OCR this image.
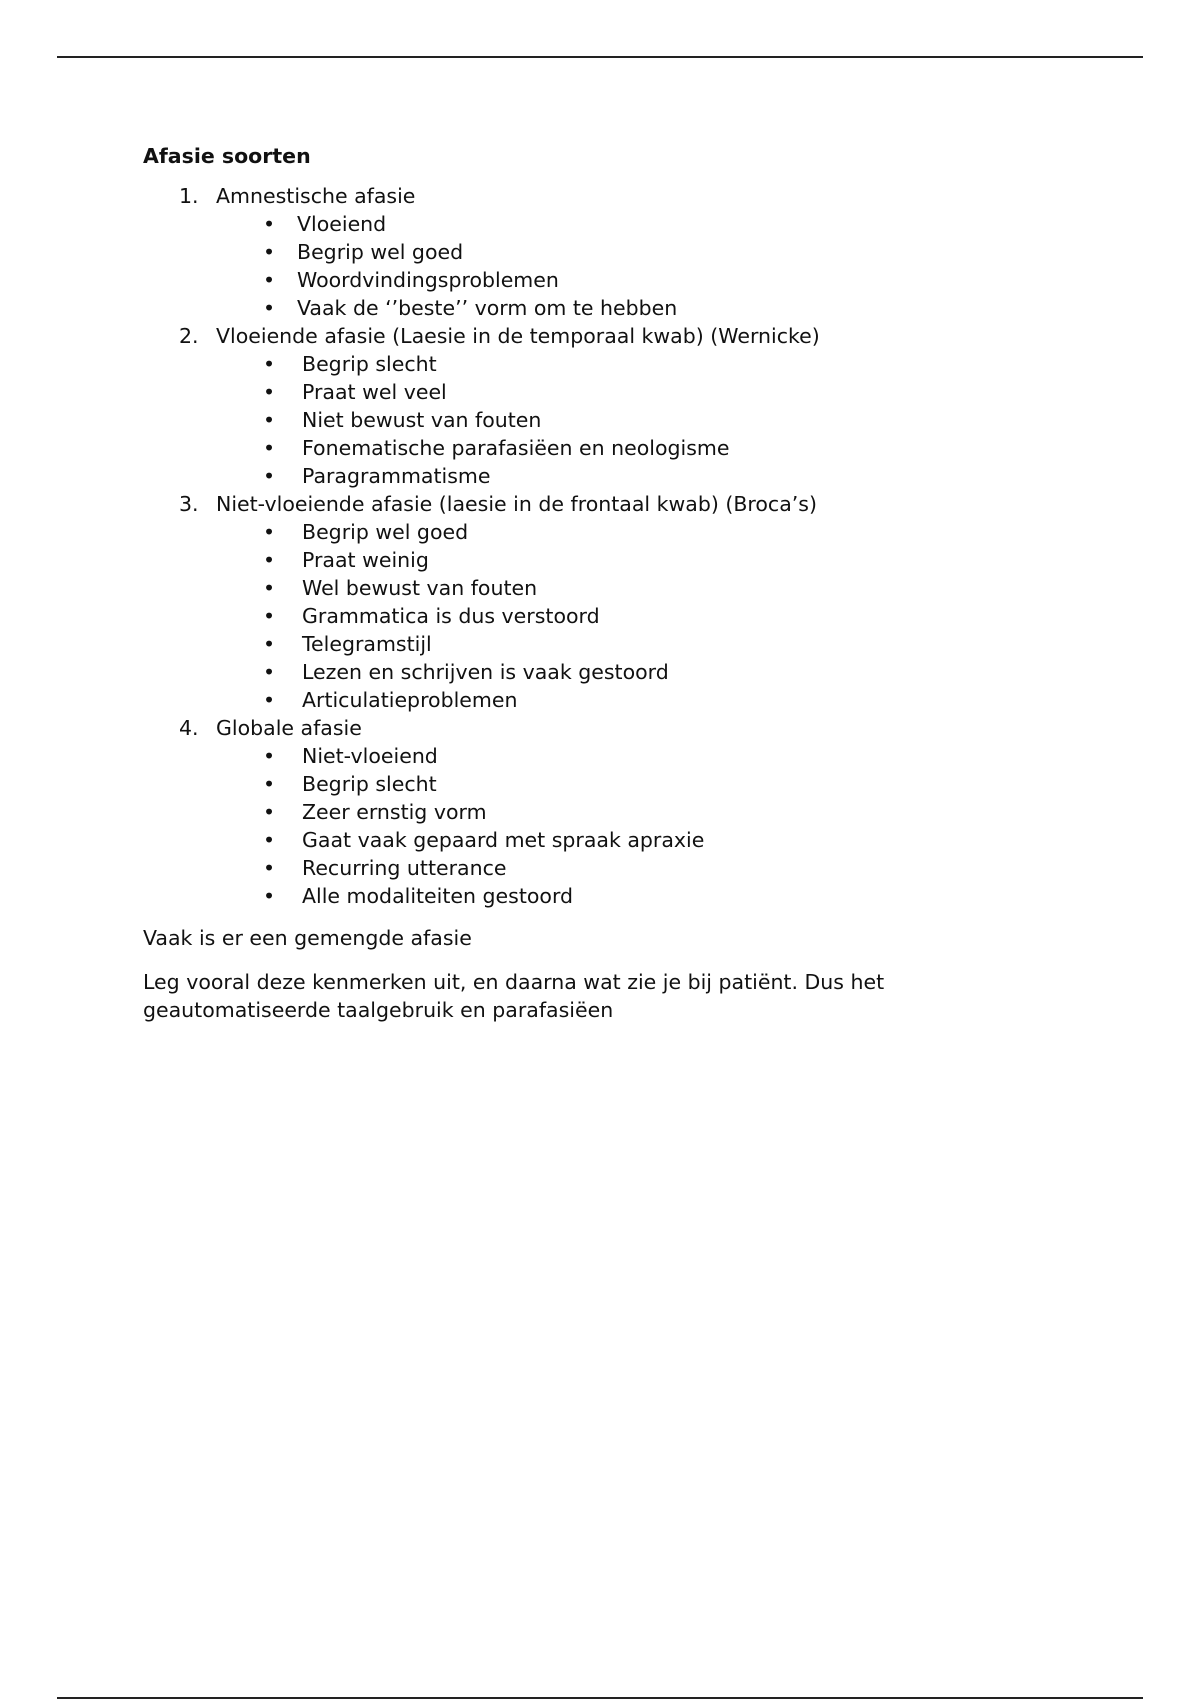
Afasie soorten
1. Amnestische afasie
• Vloeiend
• Begrip wel goed
• Woordvindingsproblemen
• Vaak de ‘’beste’’ vorm om te hebben
2. Vloeiende afasie (Laesie in de temporaal kwab) (Wernicke)
• Begrip slecht
• Praat wel veel
• Niet bewust van fouten
• Fonematische parafasiëen en neologisme
• Paragrammatisme
3. Niet-vloeiende afasie (laesie in de frontaal kwab) (Broca’s)
• Begrip wel goed
• Praat weinig
• Wel bewust van fouten
• Grammatica is dus verstoord
• Telegramstijl
• Lezen en schrijven is vaak gestoord
• Articulatieproblemen
4. Globale afasie
• Niet-vloeiend
• Begrip slecht
• Zeer ernstig vorm
• Gaat vaak gepaard met spraak apraxie
• Recurring utterance
• Alle modaliteiten gestoord

Vaak is er een gemengde afasie

Leg vooral deze kenmerken uit, en daarna wat zie je bij patiënt. Dus het geautomatiseerde taalgebruik en parafasiëen
